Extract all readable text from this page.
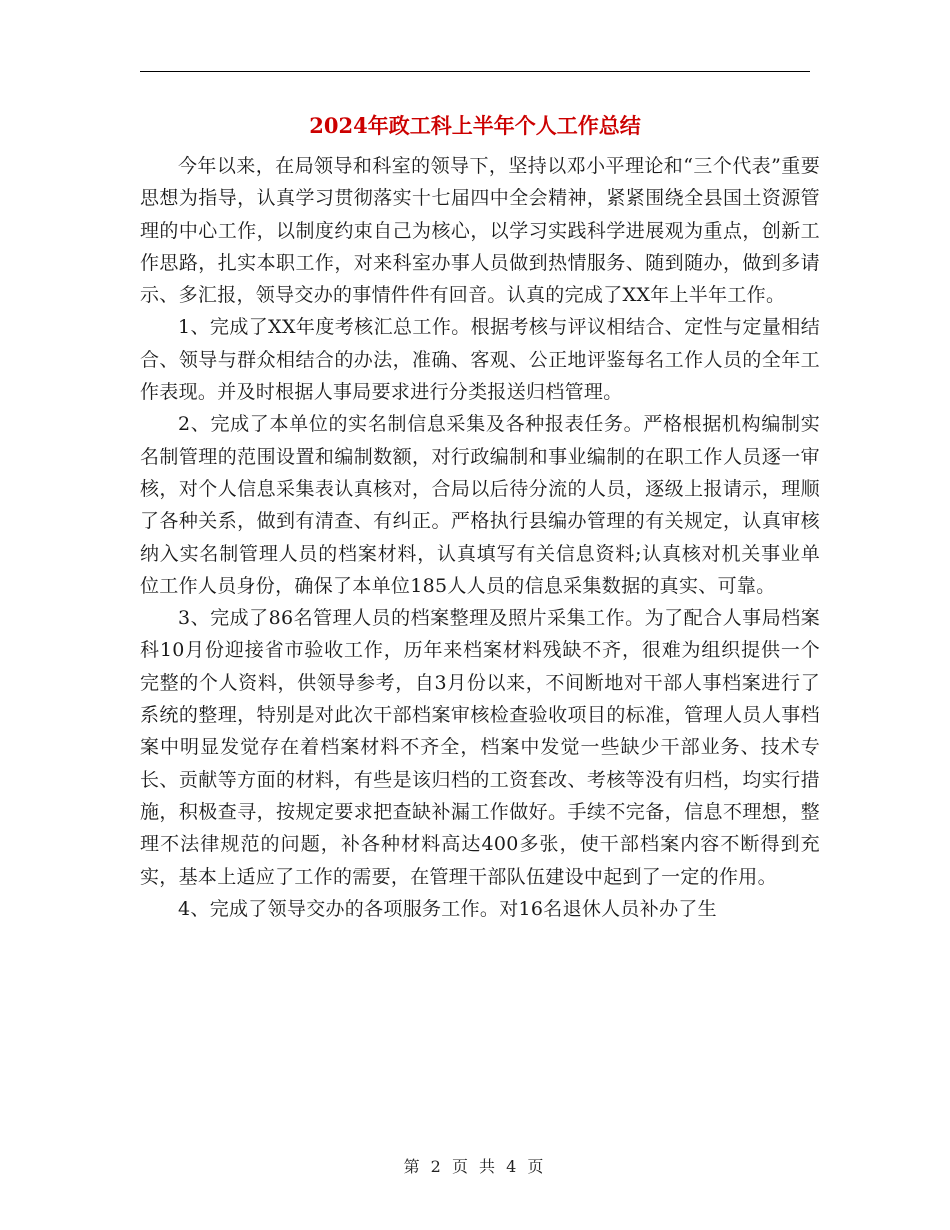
2024年政工科上半年个人工作总结

今年以来，在局领导和科室的领导下，坚持以邓小平理论和“三个代表”重要思想为指导，认真学习贯彻落实十七届四中全会精神，紧紧围绕全县国土资源管理的中心工作，以制度约束自己为核心，以学习实践科学进展观为重点，创新工作思路，扎实本职工作，对来科室办事人员做到热情服务、随到随办，做到多请示、多汇报，领导交办的事情件件有回音。认真的完成了XX年上半年工作。

1、完成了XX年度考核汇总工作。根据考核与评议相结合、定性与定量相结合、领导与群众相结合的办法，准确、客观、公正地评鉴每名工作人员的全年工作表现。并及时根据人事局要求进行分类报送归档管理。

2、完成了本单位的实名制信息采集及各种报表任务。严格根据机构编制实名制管理的范围设置和编制数额，对行政编制和事业编制的在职工作人员逐一审核，对个人信息采集表认真核对，合局以后待分流的人员，逐级上报请示，理顺了各种关系，做到有清查、有纠正。严格执行县编办管理的有关规定，认真审核纳入实名制管理人员的档案材料，认真填写有关信息资料;认真核对机关事业单位工作人员身份，确保了本单位185人人员的信息采集数据的真实、可靠。

3、完成了86名管理人员的档案整理及照片采集工作。为了配合人事局档案科10月份迎接省市验收工作，历年来档案材料残缺不齐，很难为组织提供一个完整的个人资料，供领导参考，自3月份以来，不间断地对干部人事档案进行了系统的整理，特别是对此次干部档案审核检查验收项目的标准，管理人员人事档案中明显发觉存在着档案材料不齐全，档案中发觉一些缺少干部业务、技术专长、贡献等方面的材料，有些是该归档的工资套改、考核等没有归档，均实行措施，积极查寻，按规定要求把查缺补漏工作做好。手续不完备，信息不理想，整理不法律规范的问题，补各种材料高达400多张，使干部档案内容不断得到充实，基本上适应了工作的需要，在管理干部队伍建设中起到了一定的作用。

4、完成了领导交办的各项服务工作。对16名退休人员补办了生

第 2 页 共 4 页
